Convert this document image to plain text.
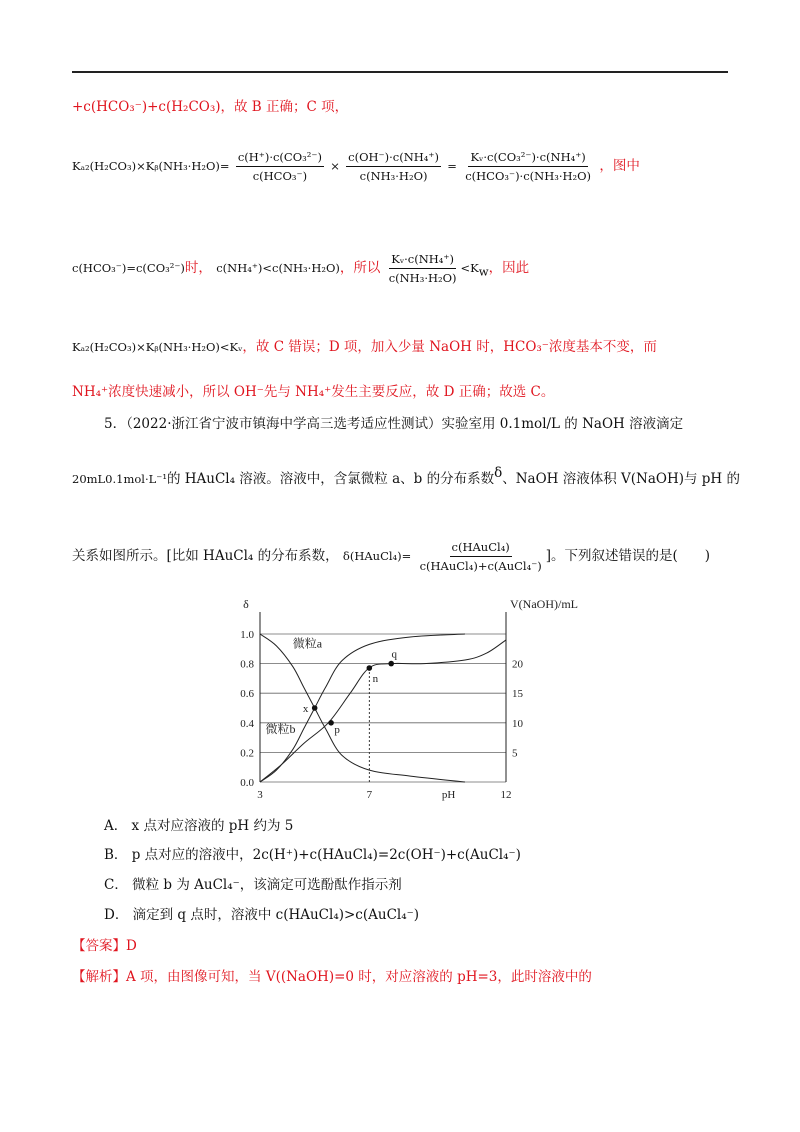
+c(HCO₃⁻)+c(H₂CO₃)，故 B 正确；C 项，
Kₐ₂(H₂CO₃)×Kᵦ(NH₃·H₂O)= $\frac{\text{c(H⁺)·c(CO₃²⁻)}}{\text{c(HCO₃⁻)}} \times \frac{\text{c(OH⁻)·c(NH₄⁺)}}{\text{c(NH₃·H₂O)}} = \frac{\text{Kᵥ·c(CO₃²⁻)·c(NH₄⁺)}}{\text{c(HCO₃⁻)·c(NH₃·H₂O)}}$ ，图中
c(HCO₃⁻)=c(CO₃²⁻)时， c(NH₄⁺)<c(NH₃·H₂O)，所以 $\frac{\text{Kᵥ·c(NH₄⁺)}}{\text{c(NH₃·H₂O)}} <K_w$，因此
Kₐ₂(H₂CO₃)×Kᵦ(NH₃·H₂O)<Kᵥ，故 C 错误；D 项，加入少量 NaOH 时，HCO₃⁻浓度基本不变，而
NH₄⁺浓度快速减小，所以 OH⁻先与 NH₄⁺发生主要反应，故 D 正确；故选 C。
5．（2022·浙江省宁波市镇海中学高三选考适应性测试）实验室用 0.1mol/L 的 NaOH 溶液滴定
20mL0.1mol·L⁻¹的 HAuCl₄ 溶液。溶液中，含氯微粒 a、b 的分布系数δ、NaOH 溶液体积 V(NaOH)与 pH 的
关系如图所示。[比如 HAuCl₄ 的分布系数， δ(HAuCl₄)= $\frac{\text{c(HAuCl₄)}}{\text{c(HAuCl₄)+c(AuCl₄⁻)}}$ ]。下列叙述错误的是(　　)
0.0
0.2
0.4
0.6
0.8
1.0
5
10
15
20
δ	V(NaOH)/mL
3	7	12
pH
微粒a
微粒b
x
p
n
q
A． x 点对应溶液的 pH 约为 5
B． p 点对应的溶液中，2c(H⁺)+c(HAuCl₄)=2c(OH⁻)+c(AuCl₄⁻)
C． 微粒 b 为 AuCl₄⁻，该滴定可选酚酞作指示剂
D． 滴定到 q 点时，溶液中 c(HAuCl₄)>c(AuCl₄⁻)
【答案】D
【解析】A 项，由图像可知，当 V((NaOH)=0 时，对应溶液的 pH=3，此时溶液中的
